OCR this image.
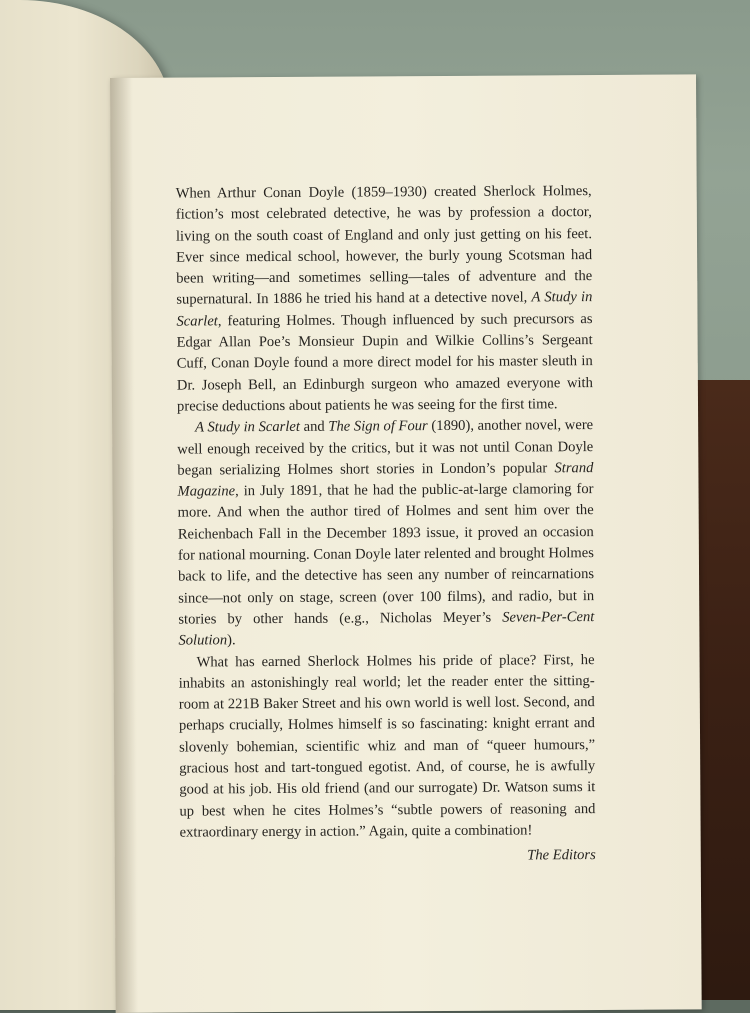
When Arthur Conan Doyle (1859–1930) created Sherlock Holmes, fiction’s most celebrated detective, he was by profession a doctor, living on the south coast of England and only just getting on his feet. Ever since medical school, however, the burly young Scotsman had been writing—and sometimes selling—tales of adventure and the supernatural. In 1886 he tried his hand at a detective novel, A Study in Scarlet, featuring Holmes. Though influenced by such precursors as Edgar Allan Poe’s Monsieur Dupin and Wilkie Collins’s Sergeant Cuff, Conan Doyle found a more direct model for his master sleuth in Dr. Joseph Bell, an Edinburgh surgeon who amazed everyone with precise deductions about patients he was seeing for the first time.

A Study in Scarlet and The Sign of Four (1890), another novel, were well enough received by the critics, but it was not until Conan Doyle began serializing Holmes short stories in London’s popular Strand Magazine, in July 1891, that he had the public-at-large clamoring for more. And when the author tired of Holmes and sent him over the Reichenbach Fall in the December 1893 issue, it proved an occasion for national mourning. Conan Doyle later relented and brought Holmes back to life, and the detective has seen any number of reincarnations since—not only on stage, screen (over 100 films), and radio, but in stories by other hands (e.g., Nicholas Meyer’s Seven-Per-Cent Solution).

What has earned Sherlock Holmes his pride of place? First, he inhabits an astonishingly real world; let the reader enter the sitting-room at 221B Baker Street and his own world is well lost. Second, and perhaps crucially, Holmes himself is so fascinating: knight errant and slovenly bohemian, scientific whiz and man of “queer humours,” gracious host and tart-tongued egotist. And, of course, he is awfully good at his job. His old friend (and our surrogate) Dr. Watson sums it up best when he cites Holmes’s “subtle powers of reasoning and extraordinary energy in action.” Again, quite a combination!

The Editors
